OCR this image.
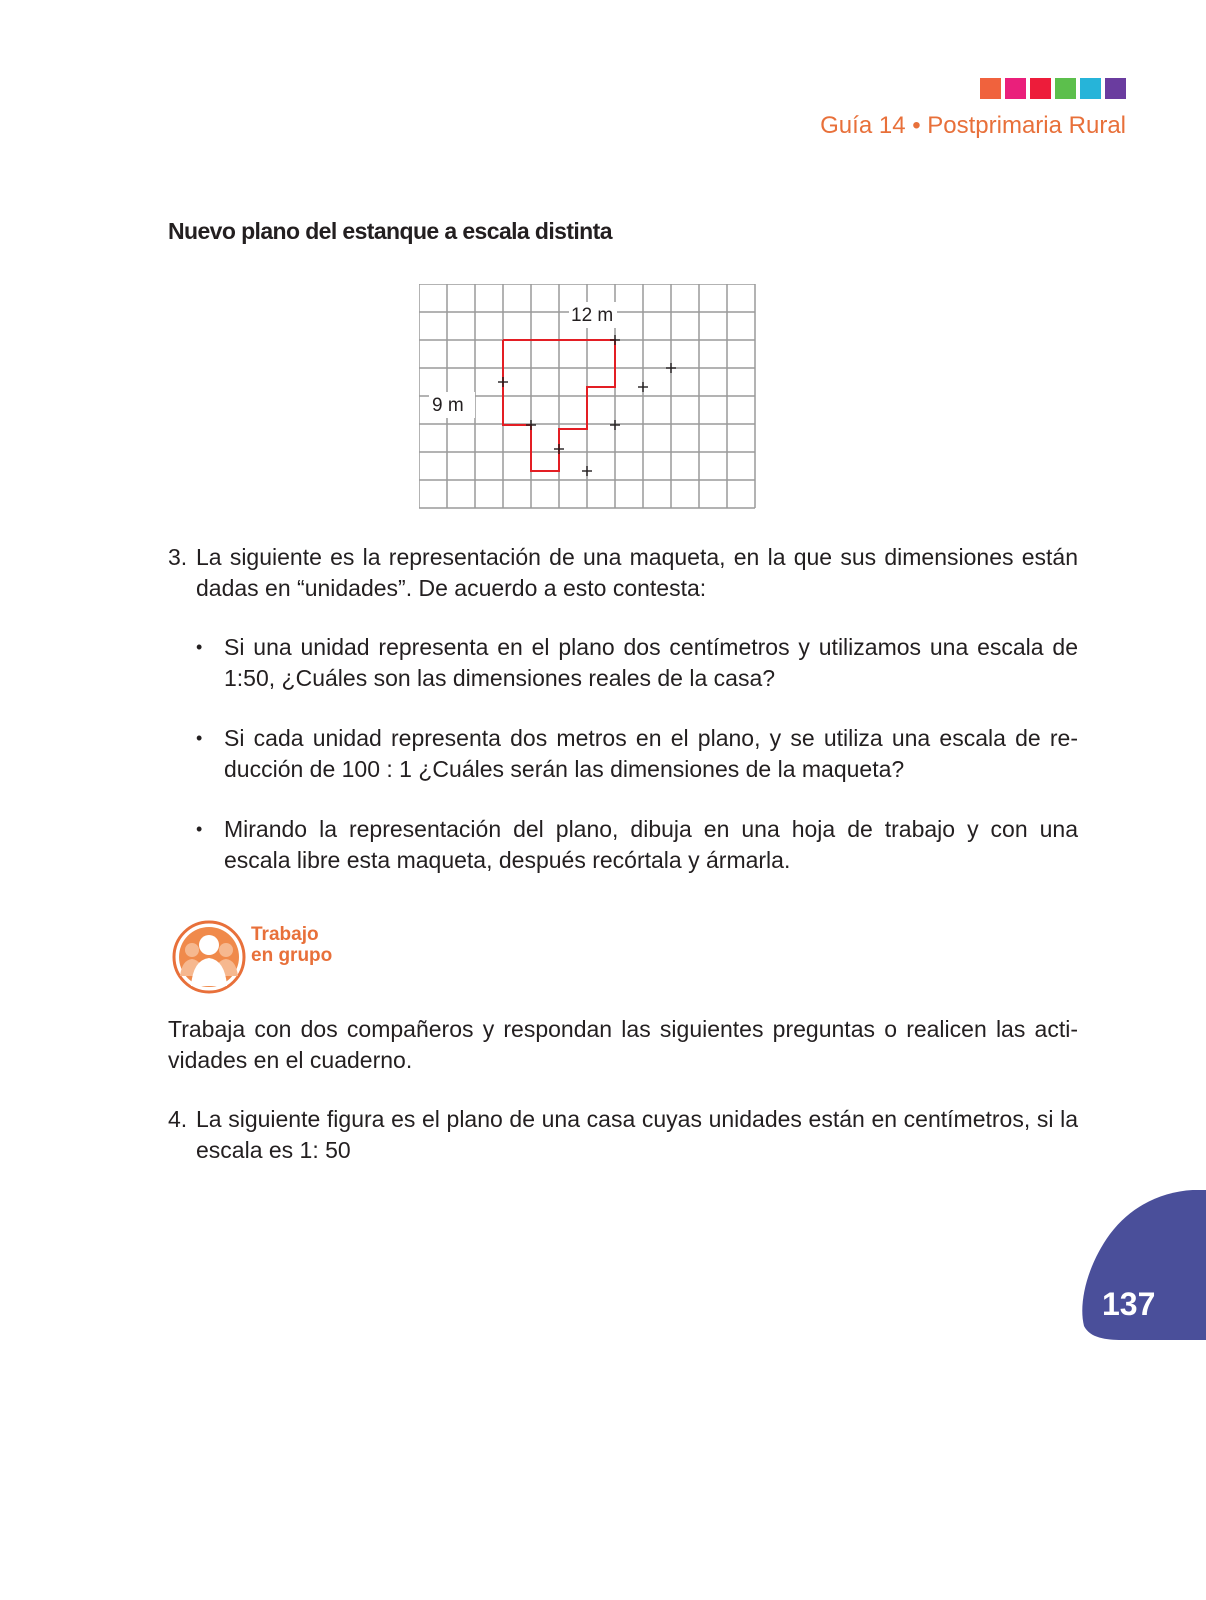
Guía 14 • Postprimaria Rural
Nuevo plano del estanque a escala distinta
12 m
9 m
3. La siguiente es la representación de una maqueta, en la que sus dimensiones están dadas en “unidades”. De acuerdo a esto contesta:
• Si una unidad representa en el plano dos centímetros y utilizamos una escala de 1:50, ¿Cuáles son las dimensiones reales de la casa?
• Si cada unidad representa dos metros en el plano, y se utiliza una escala de re-ducción de 100 : 1 ¿Cuáles serán las dimensiones de la maqueta?
• Mirando la representación del plano, dibuja en una hoja de trabajo y con una escala libre esta maqueta, después recórtala y ármarla.
Trabajo
en grupo
Trabaja con dos compañeros y respondan las siguientes preguntas o realicen las acti-vidades en el cuaderno.
4. La siguiente figura es el plano de una casa cuyas unidades están en centímetros, si la escala es 1: 50
137
